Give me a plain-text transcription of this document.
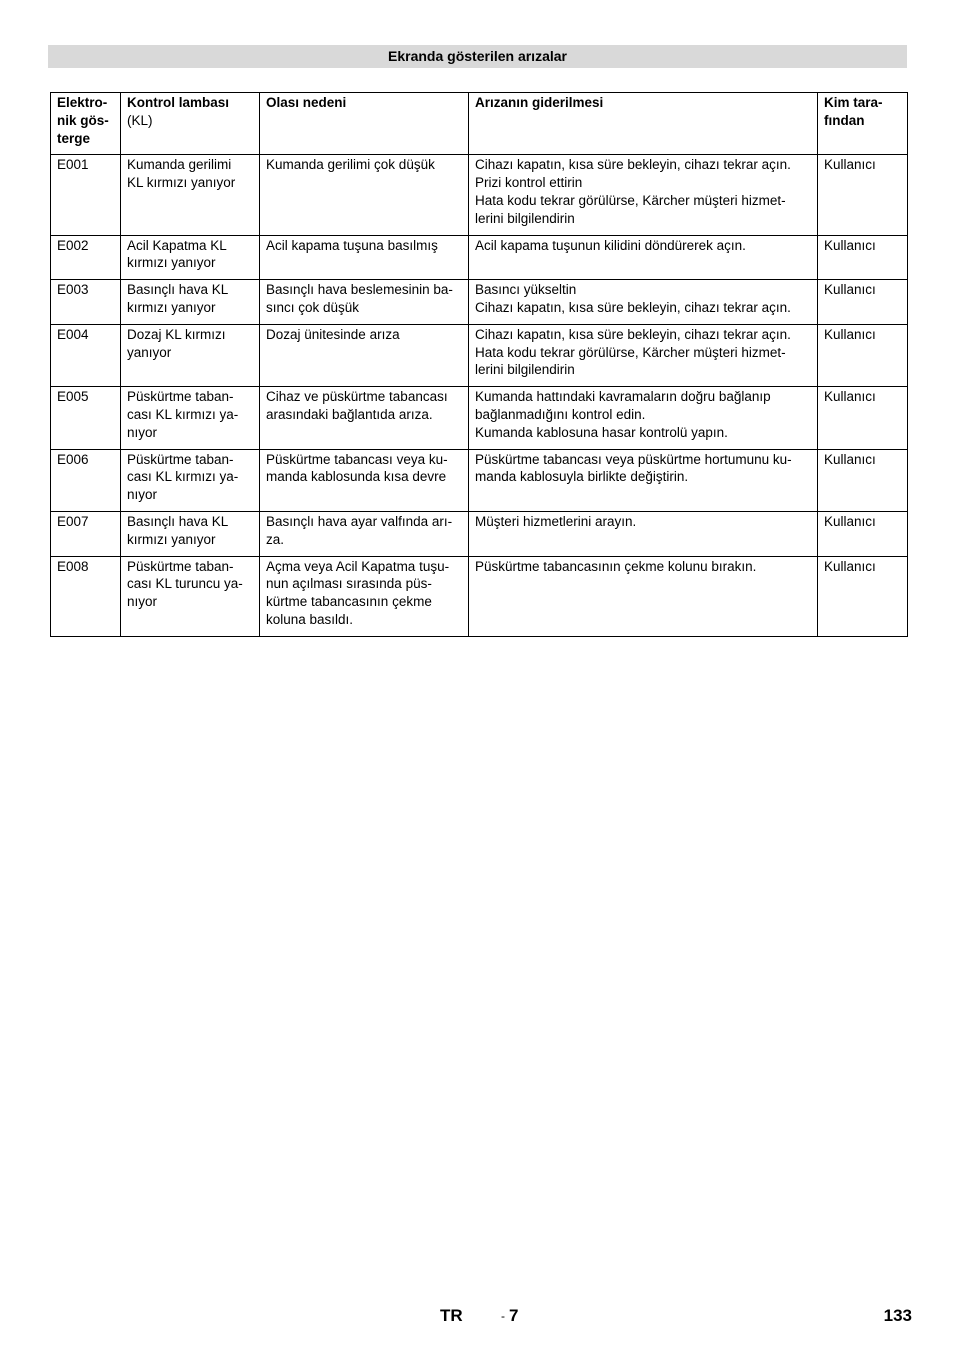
Ekranda gösterilen arızalar
Elektro-
nik gös-
terge	Kontrol lambası
(KL)	Olası nedeni	Arızanın giderilmesi	Kim tara-
fından

E001	Kumanda gerilimi
KL kırmızı yanıyor	Kumanda gerilimi çok düşük	Cihazı kapatın, kısa süre bekleyin, cihazı tekrar açın.
Prizi kontrol ettirin
Hata kodu tekrar görülürse, Kärcher müşteri hizmet-
lerini bilgilendirin	Kullanıcı
E002	Acil Kapatma KL
kırmızı yanıyor	Acil kapama tuşuna basılmış	Acil kapama tuşunun kilidini döndürerek açın.	Kullanıcı
E003	Basınçlı hava KL
kırmızı yanıyor	Basınçlı hava beslemesinin ba-
sıncı çok düşük	Basıncı yükseltin
Cihazı kapatın, kısa süre bekleyin, cihazı tekrar açın.	Kullanıcı
E004	Dozaj KL kırmızı
yanıyor	Dozaj ünitesinde arıza	Cihazı kapatın, kısa süre bekleyin, cihazı tekrar açın.
Hata kodu tekrar görülürse, Kärcher müşteri hizmet-
lerini bilgilendirin	Kullanıcı
E005	Püskürtme taban-
cası KL kırmızı ya-
nıyor	Cihaz ve püskürtme tabancası
arasındaki bağlantıda arıza.	Kumanda hattındaki kavramaların doğru bağlanıp
bağlanmadığını kontrol edin.
Kumanda kablosuna hasar kontrolü yapın.	Kullanıcı
E006	Püskürtme taban-
cası KL kırmızı ya-
nıyor	Püskürtme tabancası veya ku-
manda kablosunda kısa devre	Püskürtme tabancası veya püskürtme hortumunu ku-
manda kablosuyla birlikte değiştirin.	Kullanıcı
E007	Basınçlı hava KL
kırmızı yanıyor	Basınçlı hava ayar valfında arı-
za.	Müşteri hizmetlerini arayın.	Kullanıcı
E008	Püskürtme taban-
cası KL turuncu ya-
nıyor	Açma veya Acil Kapatma tuşu-
nun açılması sırasında püs-
kürtme tabancasının çekme
koluna basıldı.	Püskürtme tabancasının çekme kolunu bırakın.	Kullanıcı
TR	- 7	133
